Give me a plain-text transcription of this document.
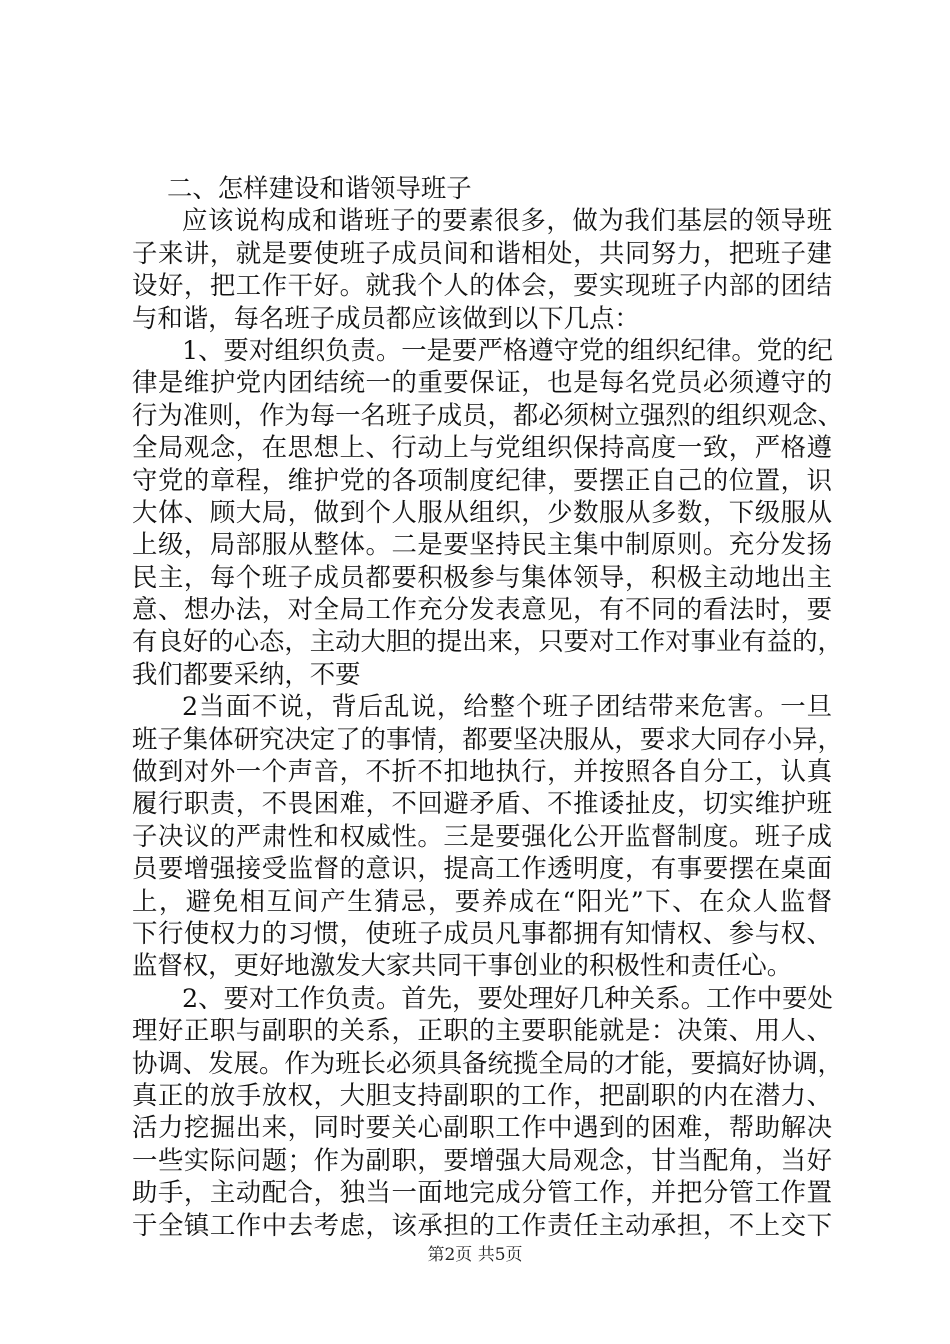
二、怎样建设和谐领导班子
应该说构成和谐班子的要素很多，做为我们基层的领导班
子来讲，就是要使班子成员间和谐相处，共同努力，把班子建
设好，把工作干好。就我个人的体会，要实现班子内部的团结
与和谐，每名班子成员都应该做到以下几点：
1、要对组织负责。一是要严格遵守党的组织纪律。党的纪
律是维护党内团结统一的重要保证，也是每名党员必须遵守的
行为准则，作为每一名班子成员，都必须树立强烈的组织观念、
全局观念，在思想上、行动上与党组织保持高度一致，严格遵
守党的章程，维护党的各项制度纪律，要摆正自己的位置，识
大体、顾大局，做到个人服从组织，少数服从多数，下级服从
上级，局部服从整体。二是要坚持民主集中制原则。充分发扬
民主，每个班子成员都要积极参与集体领导，积极主动地出主
意、想办法，对全局工作充分发表意见，有不同的看法时，要
有良好的心态，主动大胆的提出来，只要对工作对事业有益的，
我们都要采纳，不要
2当面不说，背后乱说，给整个班子团结带来危害。一旦
班子集体研究决定了的事情，都要坚决服从，要求大同存小异，
做到对外一个声音，不折不扣地执行，并按照各自分工，认真
履行职责，不畏困难，不回避矛盾、不推诿扯皮，切实维护班
子决议的严肃性和权威性。三是要强化公开监督制度。班子成
员要增强接受监督的意识，提高工作透明度，有事要摆在桌面
上，避免相互间产生猜忌，要养成在“阳光”下、在众人监督
下行使权力的习惯，使班子成员凡事都拥有知情权、参与权、
监督权，更好地激发大家共同干事创业的积极性和责任心。
2、要对工作负责。首先，要处理好几种关系。工作中要处
理好正职与副职的关系，正职的主要职能就是：决策、用人、
协调、发展。作为班长必须具备统揽全局的才能，要搞好协调，
真正的放手放权，大胆支持副职的工作，把副职的内在潜力、
活力挖掘出来，同时要关心副职工作中遇到的困难，帮助解决
一些实际问题；作为副职，要增强大局观念，甘当配角，当好
助手，主动配合，独当一面地完成分管工作，并把分管工作置
于全镇工作中去考虑，该承担的工作责任主动承担，不上交下
第2页 共5页
